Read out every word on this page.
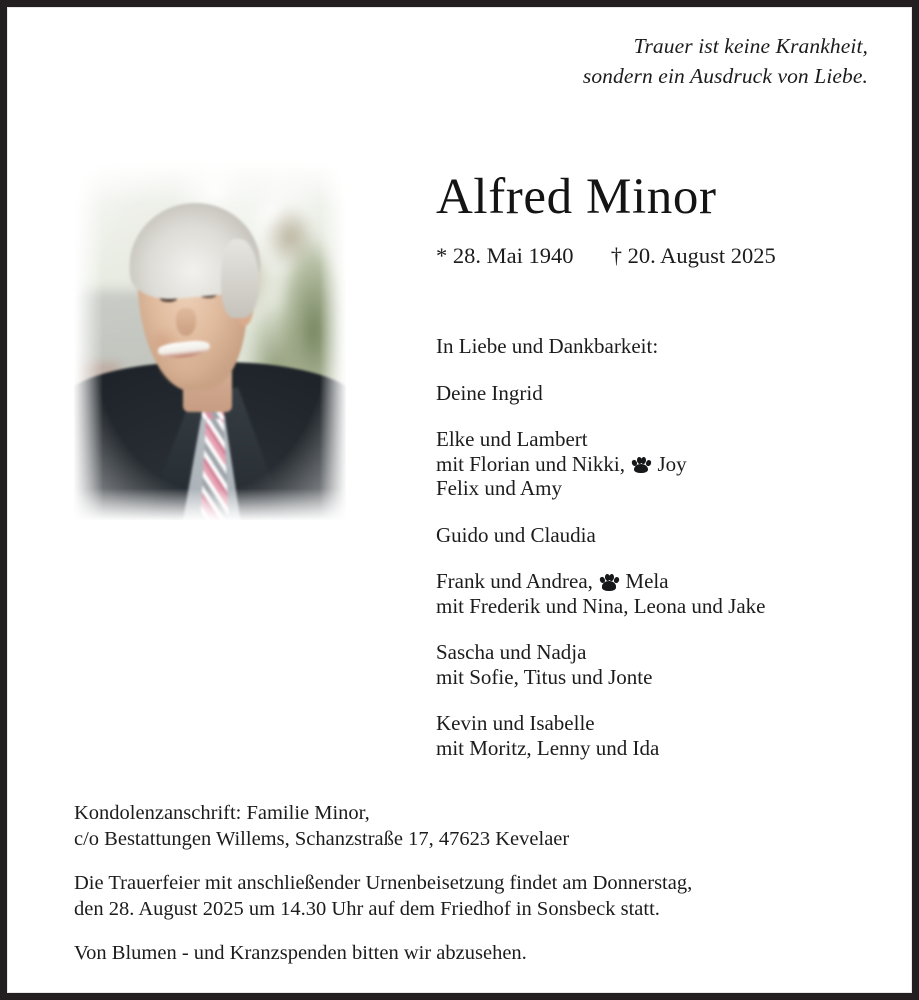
Trauer ist keine Krankheit,
sondern ein Ausdruck von Liebe.
Alfred Minor
* 28. Mai 1940 † 20. August 2025
In Liebe und Dankbarkeit:
Deine Ingrid
Elke und Lambert
mit Florian und Nikki, Joy
Felix und Amy
Guido und Claudia
Frank und Andrea, Mela
mit Frederik und Nina, Leona und Jake
Sascha und Nadja
mit Sofie, Titus und Jonte
Kevin und Isabelle
mit Moritz, Lenny und Ida
Kondolenzanschrift: Familie Minor,
c/o Bestattungen Willems, Schanzstraße 17, 47623 Kevelaer
Die Trauerfeier mit anschließender Urnenbeisetzung findet am Donnerstag,
den 28. August 2025 um 14.30 Uhr auf dem Friedhof in Sonsbeck statt.
Von Blumen - und Kranzspenden bitten wir abzusehen.
